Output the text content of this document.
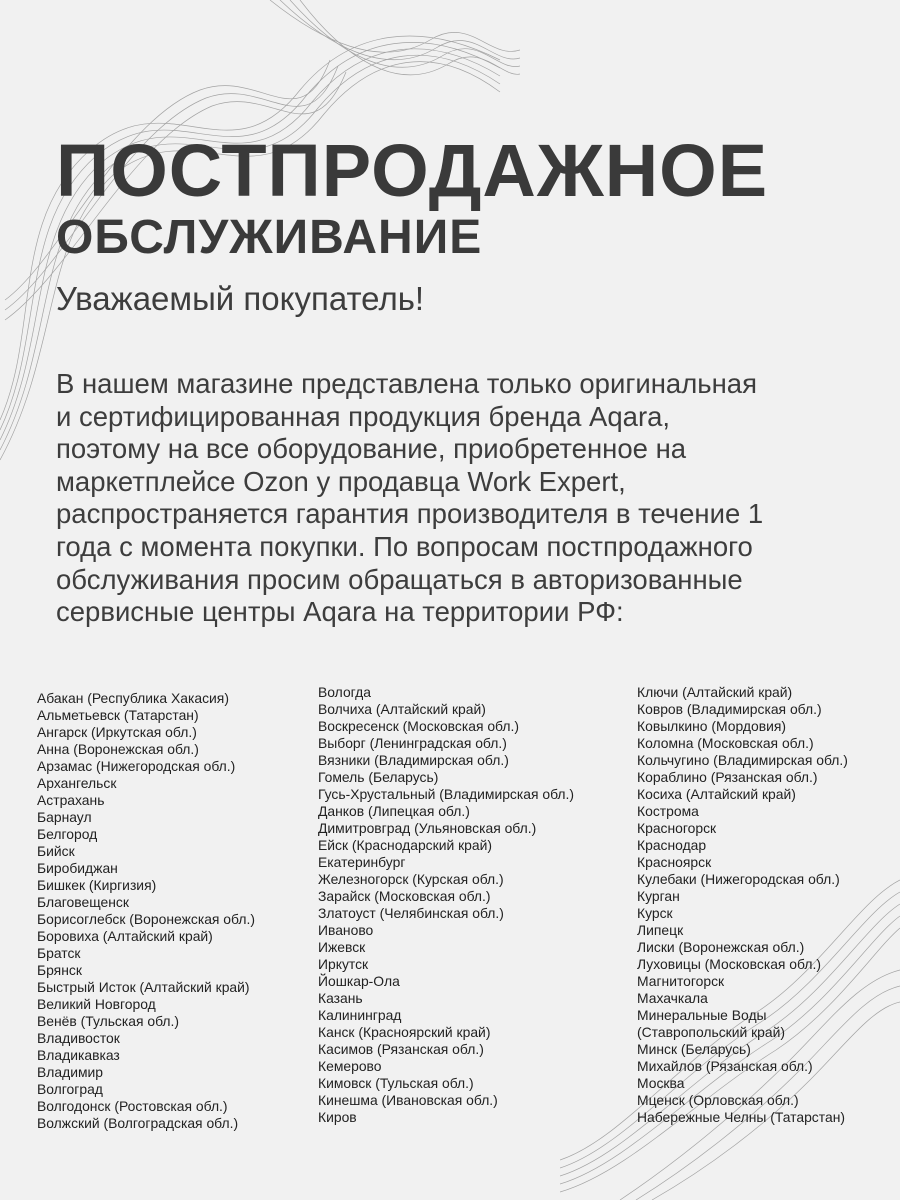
ПОСТПРОДАЖНОЕ
ОБСЛУЖИВАНИЕ

Уважаемый покупатель!

В нашем магазине представлена только оригинальная
и сертифицированная продукция бренда Aqara,
поэтому на все оборудование, приобретенное на
маркетплейсе Ozon у продавца Work Expert,
распространяется гарантия производителя в течение 1
года с момента покупки. По вопросам постпродажного
обслуживания просим обращаться в авторизованные
сервисные центры Aqara на территории РФ:
Абакан (Республика Хакасия)
Альметьевск (Татарстан)
Ангарск (Иркутская обл.)
Анна (Воронежская обл.)
Арзамас (Нижегородская обл.)
Архангельск
Астрахань
Барнаул
Белгород
Бийск
Биробиджан
Бишкек (Киргизия)
Благовещенск
Борисоглебск (Воронежская обл.)
Боровиха (Алтайский край)
Братск
Брянск
Быстрый Исток (Алтайский край)
Великий Новгород
Венёв (Тульская обл.)
Владивосток
Владикавказ
Владимир
Волгоград
Волгодонск (Ростовская обл.)
Волжский (Волгоградская обл.)
Вологда
Волчиха (Алтайский край)
Воскресенск (Московская обл.)
Выборг (Ленинградская обл.)
Вязники (Владимирская обл.)
Гомель (Беларусь)
Гусь-Хрустальный (Владимирская обл.)
Данков (Липецкая обл.)
Димитровград (Ульяновская обл.)
Ейск (Краснодарский край)
Екатеринбург
Железногорск (Курская обл.)
Зарайск (Московская обл.)
Златоуст (Челябинская обл.)
Иваново
Ижевск
Иркутск
Йошкар-Ола
Казань
Калининград
Канск (Красноярский край)
Касимов (Рязанская обл.)
Кемерово
Кимовск (Тульская обл.)
Кинешма (Ивановская обл.)
Киров
Ключи (Алтайский край)
Ковров (Владимирская обл.)
Ковылкино (Мордовия)
Коломна (Московская обл.)
Кольчугино (Владимирская обл.)
Кораблино (Рязанская обл.)
Косиха (Алтайский край)
Кострома
Красногорск
Краснодар
Красноярск
Кулебаки (Нижегородская обл.)
Курган
Курск
Липецк
Лиски (Воронежская обл.)
Луховицы (Московская обл.)
Магнитогорск
Махачкала
Минеральные Воды
(Ставропольский край)
Минск (Беларусь)
Михайлов (Рязанская обл.)
Москва
Мценск (Орловская обл.)
Набережные Челны (Татарстан)
